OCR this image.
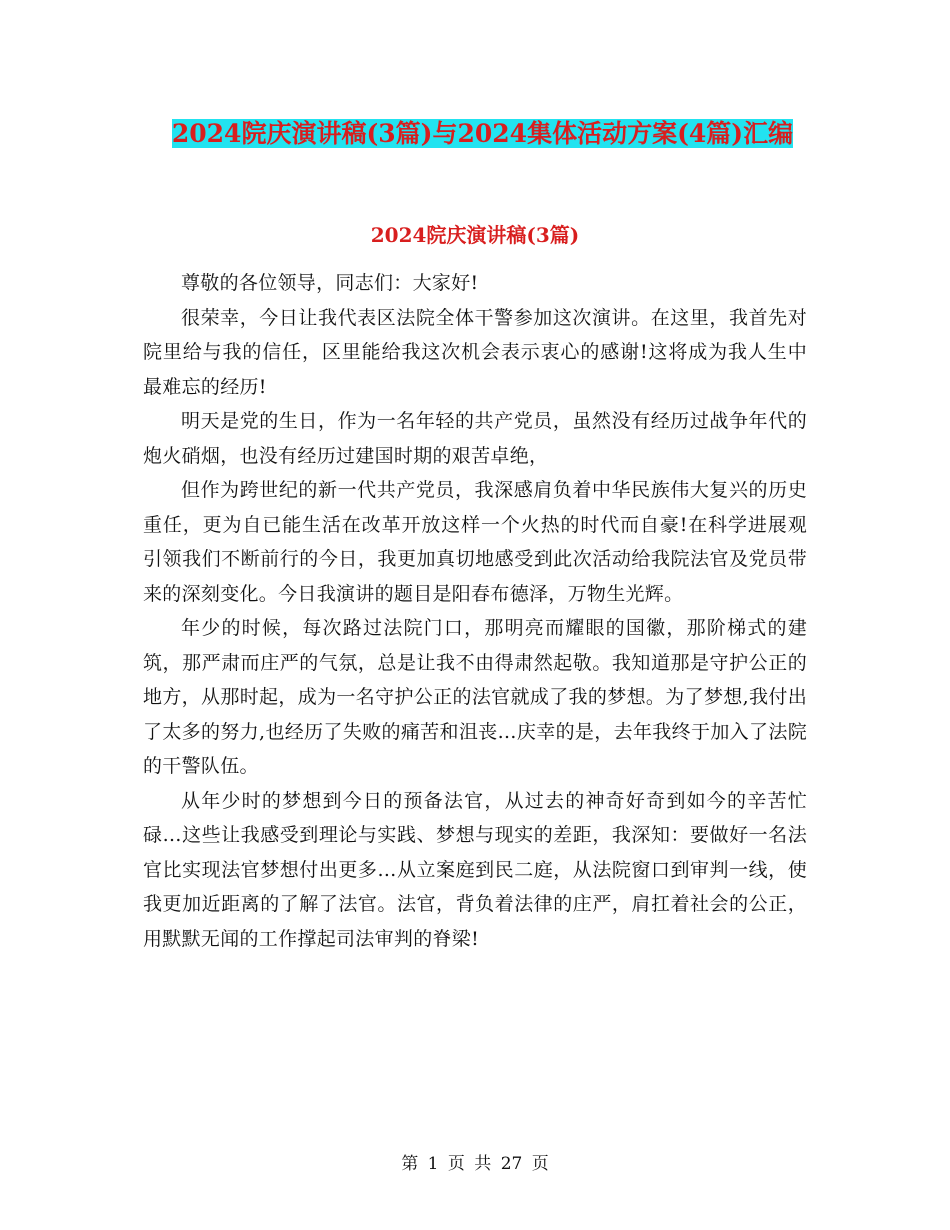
2024院庆演讲稿(3篇)与2024集体活动方案(4篇)汇编
2024院庆演讲稿(3篇)

尊敬的各位领导，同志们：大家好!

很荣幸，今日让我代表区法院全体干警参加这次演讲。在这里，我首先对院里给与我的信任，区里能给我这次机会表示衷心的感谢!这将成为我人生中最难忘的经历!

明天是党的生日，作为一名年轻的共产党员，虽然没有经历过战争年代的炮火硝烟，也没有经历过建国时期的艰苦卓绝，

但作为跨世纪的新一代共产党员，我深感肩负着中华民族伟大复兴的历史重任，更为自已能生活在改革开放这样一个火热的时代而自豪!在科学进展观引领我们不断前行的今日，我更加真切地感受到此次活动给我院法官及党员带来的深刻变化。今日我演讲的题目是阳春布德泽，万物生光辉。

年少的时候，每次路过法院门口，那明亮而耀眼的国徽，那阶梯式的建筑，那严肃而庄严的气氛，总是让我不由得肃然起敬。我知道那是守护公正的地方，从那时起，成为一名守护公正的法官就成了我的梦想。为了梦想,我付出了太多的努力,也经历了失败的痛苦和沮丧…庆幸的是，去年我终于加入了法院的干警队伍。

从年少时的梦想到今日的预备法官，从过去的神奇好奇到如今的辛苦忙碌…这些让我感受到理论与实践、梦想与现实的差距，我深知：要做好一名法官比实现法官梦想付出更多…从立案庭到民二庭，从法院窗口到审判一线，使我更加近距离的了解了法官。法官，背负着法律的庄严，肩扛着社会的公正，用默默无闻的工作撑起司法审判的脊梁!

第 1 页 共 27 页
